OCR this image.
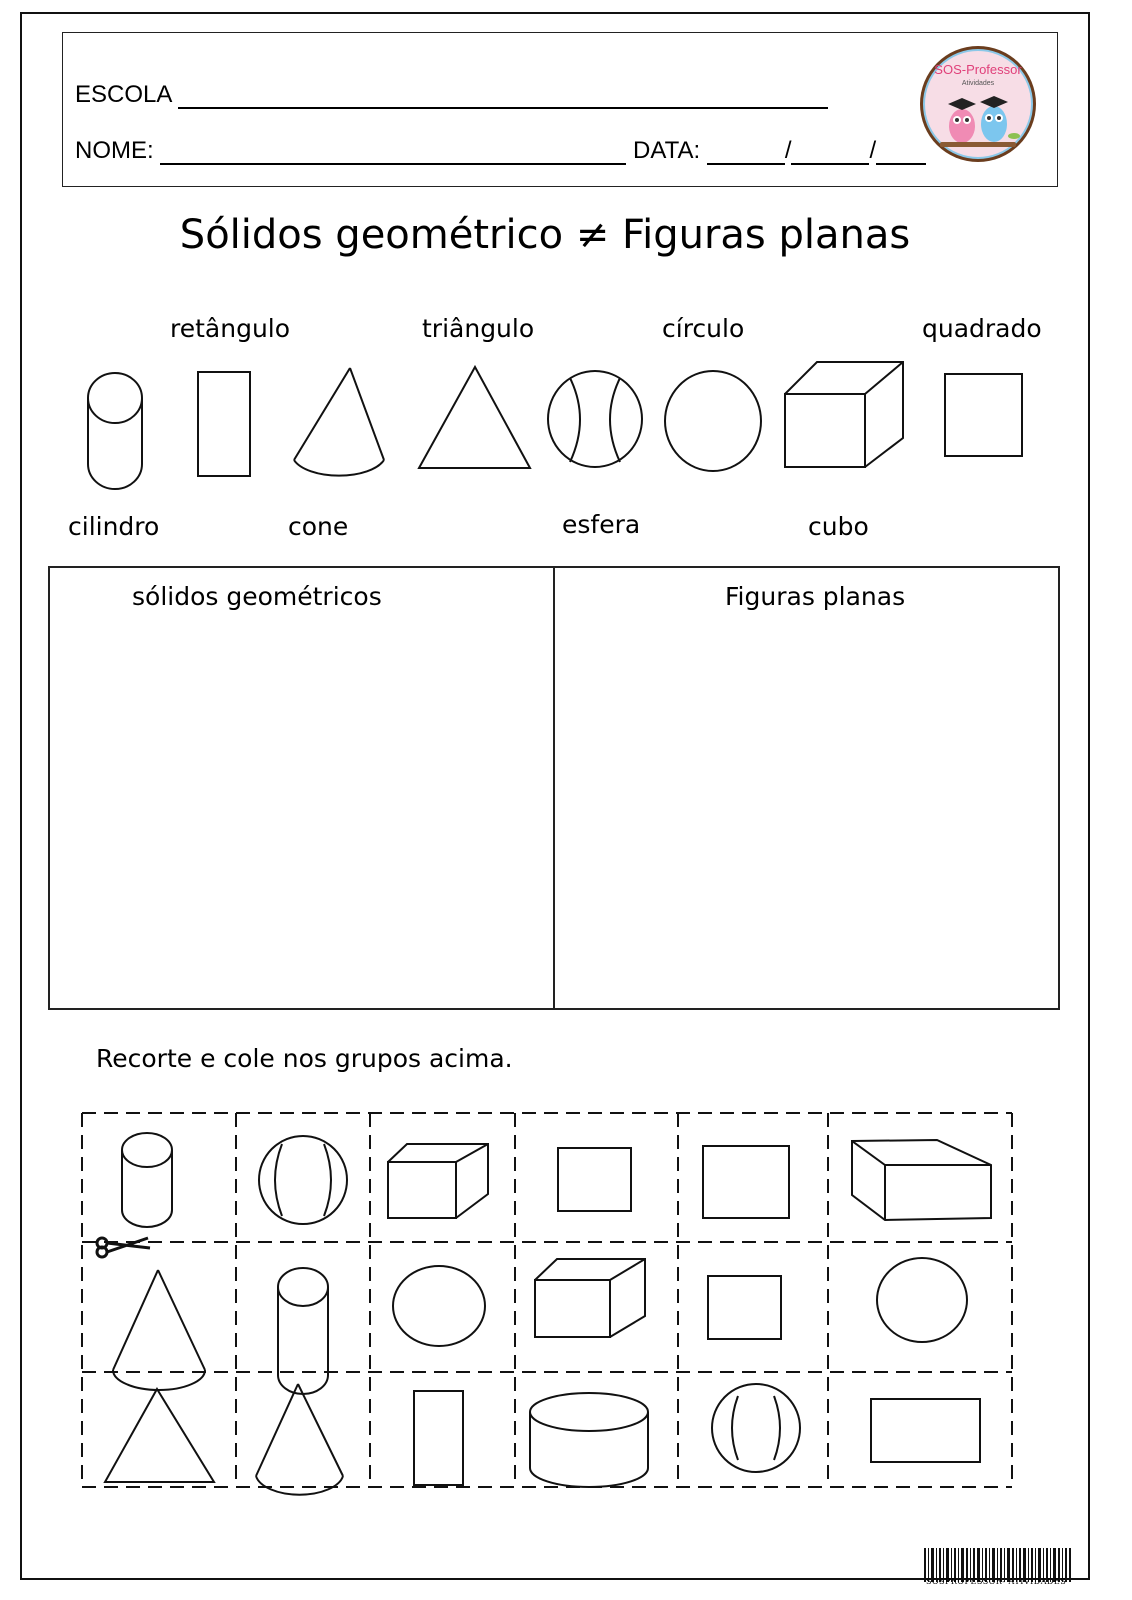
ESCOLA
NOME:	DATA:	/	/
SOS-Professor
Atividades
Sólidos geométrico ≠ Figuras planas
retângulo	triângulo	círculo	quadrado
cilindro	cone	esfera	cubo
sólidos geométricos	Figuras planas
Recorte e cole nos grupos acima.
SOSPROFESSOR- ATIVIDADES
